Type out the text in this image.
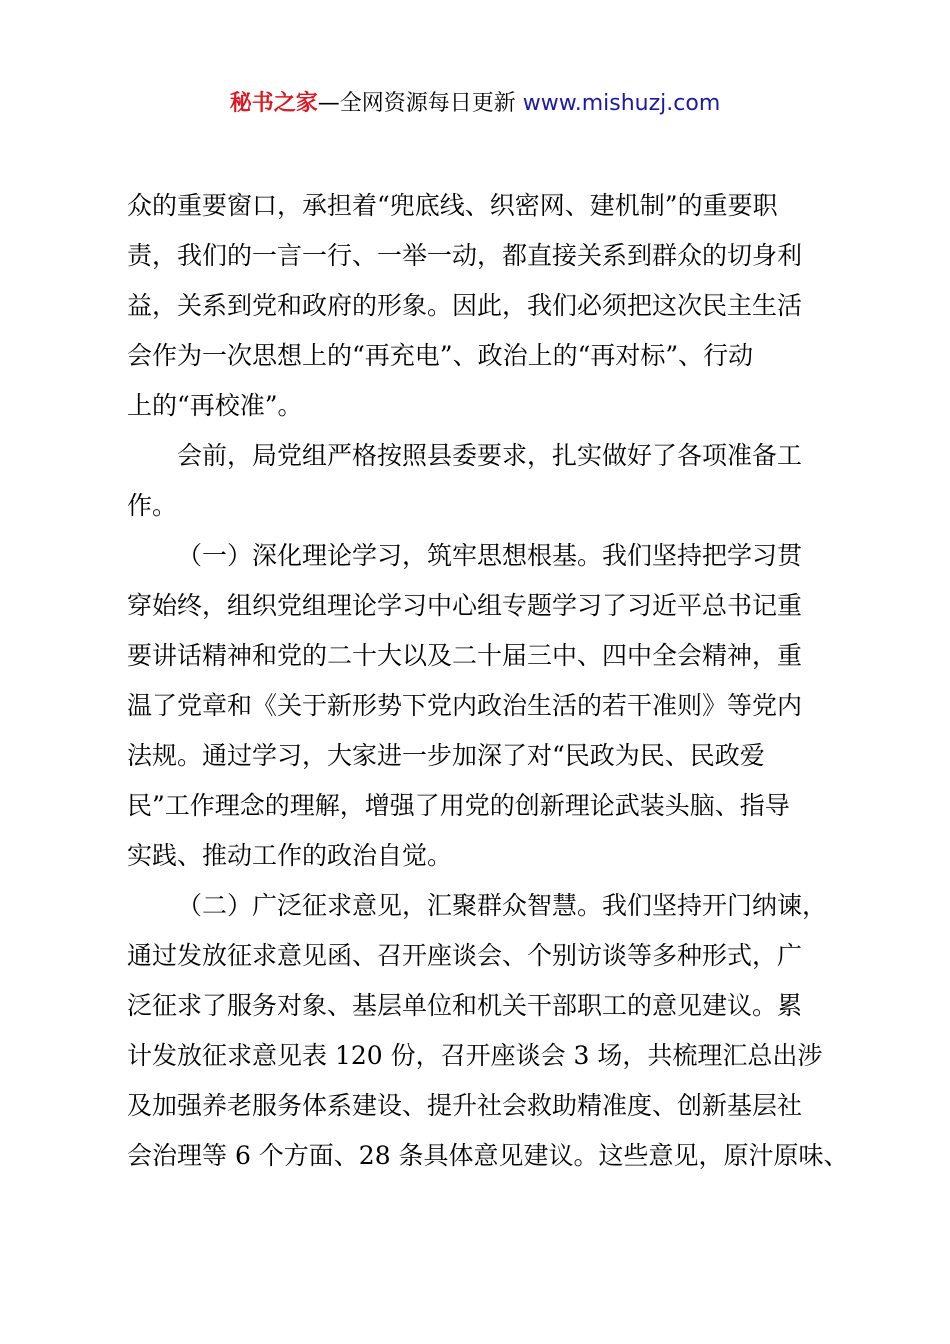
秘书之家—全网资源每日更新 www.mishuzj.com
众的重要窗口，承担着“兜底线、织密网、建机制”的重要职
责，我们的一言一行、一举一动，都直接关系到群众的切身利
益，关系到党和政府的形象。因此，我们必须把这次民主生活
会作为一次思想上的“再充电”、政治上的“再对标”、行动
上的“再校准”。
会前，局党组严格按照县委要求，扎实做好了各项准备工
作。
（一）深化理论学习，筑牢思想根基。我们坚持把学习贯
穿始终，组织党组理论学习中心组专题学习了习近平总书记重
要讲话精神和党的二十大以及二十届三中、四中全会精神，重
温了党章和《关于新形势下党内政治生活的若干准则》等党内
法规。通过学习，大家进一步加深了对“民政为民、民政爱
民”工作理念的理解，增强了用党的创新理论武装头脑、指导
实践、推动工作的政治自觉。
（二）广泛征求意见，汇聚群众智慧。我们坚持开门纳谏，
通过发放征求意见函、召开座谈会、个别访谈等多种形式，广
泛征求了服务对象、基层单位和机关干部职工的意见建议。累
计发放征求意见表 120 份，召开座谈会 3 场，共梳理汇总出涉
及加强养老服务体系建设、提升社会救助精准度、创新基层社
会治理等 6 个方面、28 条具体意见建议。这些意见，原汁原味、
